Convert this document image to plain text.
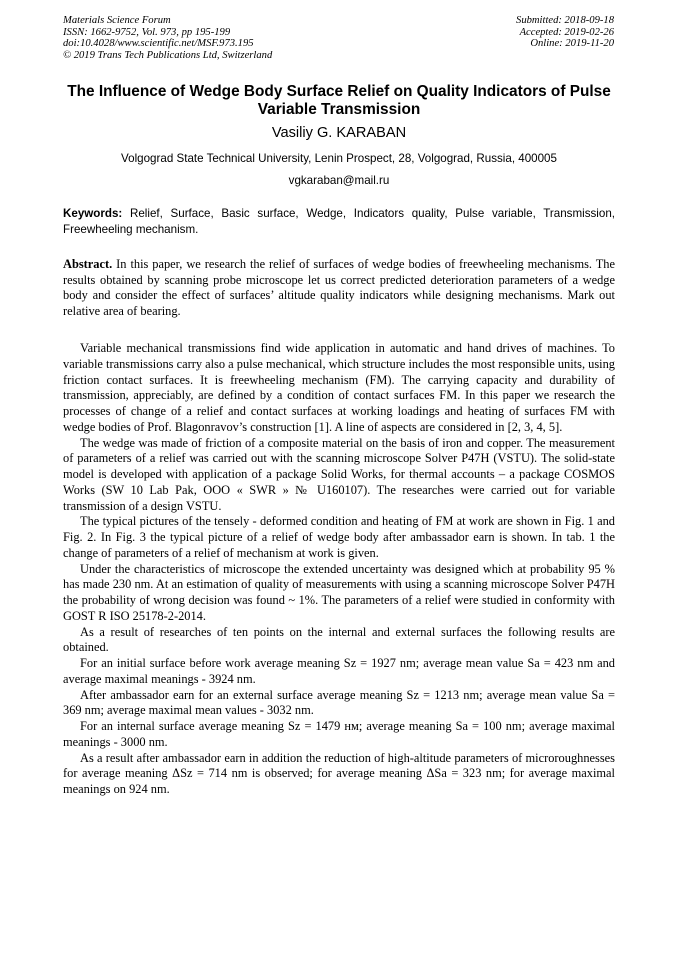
Materials Science Forum
ISSN: 1662-9752, Vol. 973, pp 195-199
doi:10.4028/www.scientific.net/MSF.973.195
© 2019 Trans Tech Publications Ltd, Switzerland
Submitted: 2018-09-18
Accepted: 2019-02-26
Online: 2019-11-20
The Influence of Wedge Body Surface Relief on Quality Indicators of Pulse Variable Transmission
Vasiliy G. KARABAN
Volgograd State Technical University, Lenin Prospect, 28, Volgograd, Russia, 400005
vgkaraban@mail.ru
Keywords: Relief, Surface, Basic surface, Wedge, Indicators quality, Pulse variable, Transmission, Freewheeling mechanism.
Abstract. In this paper, we research the relief of surfaces of wedge bodies of freewheeling mechanisms. The results obtained by scanning probe microscope let us correct predicted deterioration parameters of a wedge body and consider the effect of surfaces’ altitude quality indicators while designing mechanisms. Mark out relative area of bearing.

Variable mechanical transmissions find wide application in automatic and hand drives of machines. To variable transmissions carry also a pulse mechanical, which structure includes the most responsible units, using friction contact surfaces. It is freewheeling mechanism (FM). The carrying capacity and durability of transmission, appreciably, are defined by a condition of contact surfaces FM. In this paper we research the processes of change of a relief and contact surfaces at working loadings and heating of surfaces FM with wedge bodies of Prof. Blagonravov’s construction [1]. A line of aspects are considered in [2, 3, 4, 5].

The wedge was made of friction of a composite material on the basis of iron and copper. The measurement of parameters of a relief was carried out with the scanning microscope Solver P47H (VSTU). The solid-state model is developed with application of a package Solid Works, for thermal accounts – a package COSMOS Works (SW 10 Lab Pak, OOO « SWR » № U160107). The researches were carried out for variable transmission of a design VSTU.

The typical pictures of the tensely - deformed condition and heating of FM at work are shown in Fig. 1 and Fig. 2. In Fig. 3 the typical picture of a relief of wedge body after ambassador earn is shown. In tab. 1 the change of parameters of a relief of mechanism at work is given.

Under the characteristics of microscope the extended uncertainty was designed which at probability 95 % has made 230 nm. At an estimation of quality of measurements with using a scanning microscope Solver P47H the probability of wrong decision was found ~ 1%. The parameters of a relief were studied in conformity with GOST R ISO 25178-2-2014.

As a result of researches of ten points on the internal and external surfaces the following results are obtained.

For an initial surface before work average meaning Sz = 1927 nm; average mean value Sa = 423 nm and average maximal meanings - 3924 nm.

After ambassador earn for an external surface average meaning Sz = 1213 nm; average mean value Sa = 369 nm; average maximal mean values - 3032 nm.

For an internal surface average meaning Sz = 1479 нм; average meaning Sa = 100 nm; average maximal meanings - 3000 nm.

As a result after ambassador earn in addition the reduction of high-altitude parameters of microroughnesses for average meaning ΔSz = 714 nm is observed; for average meaning ΔSa = 323 nm; for average maximal meanings on 924 nm.
